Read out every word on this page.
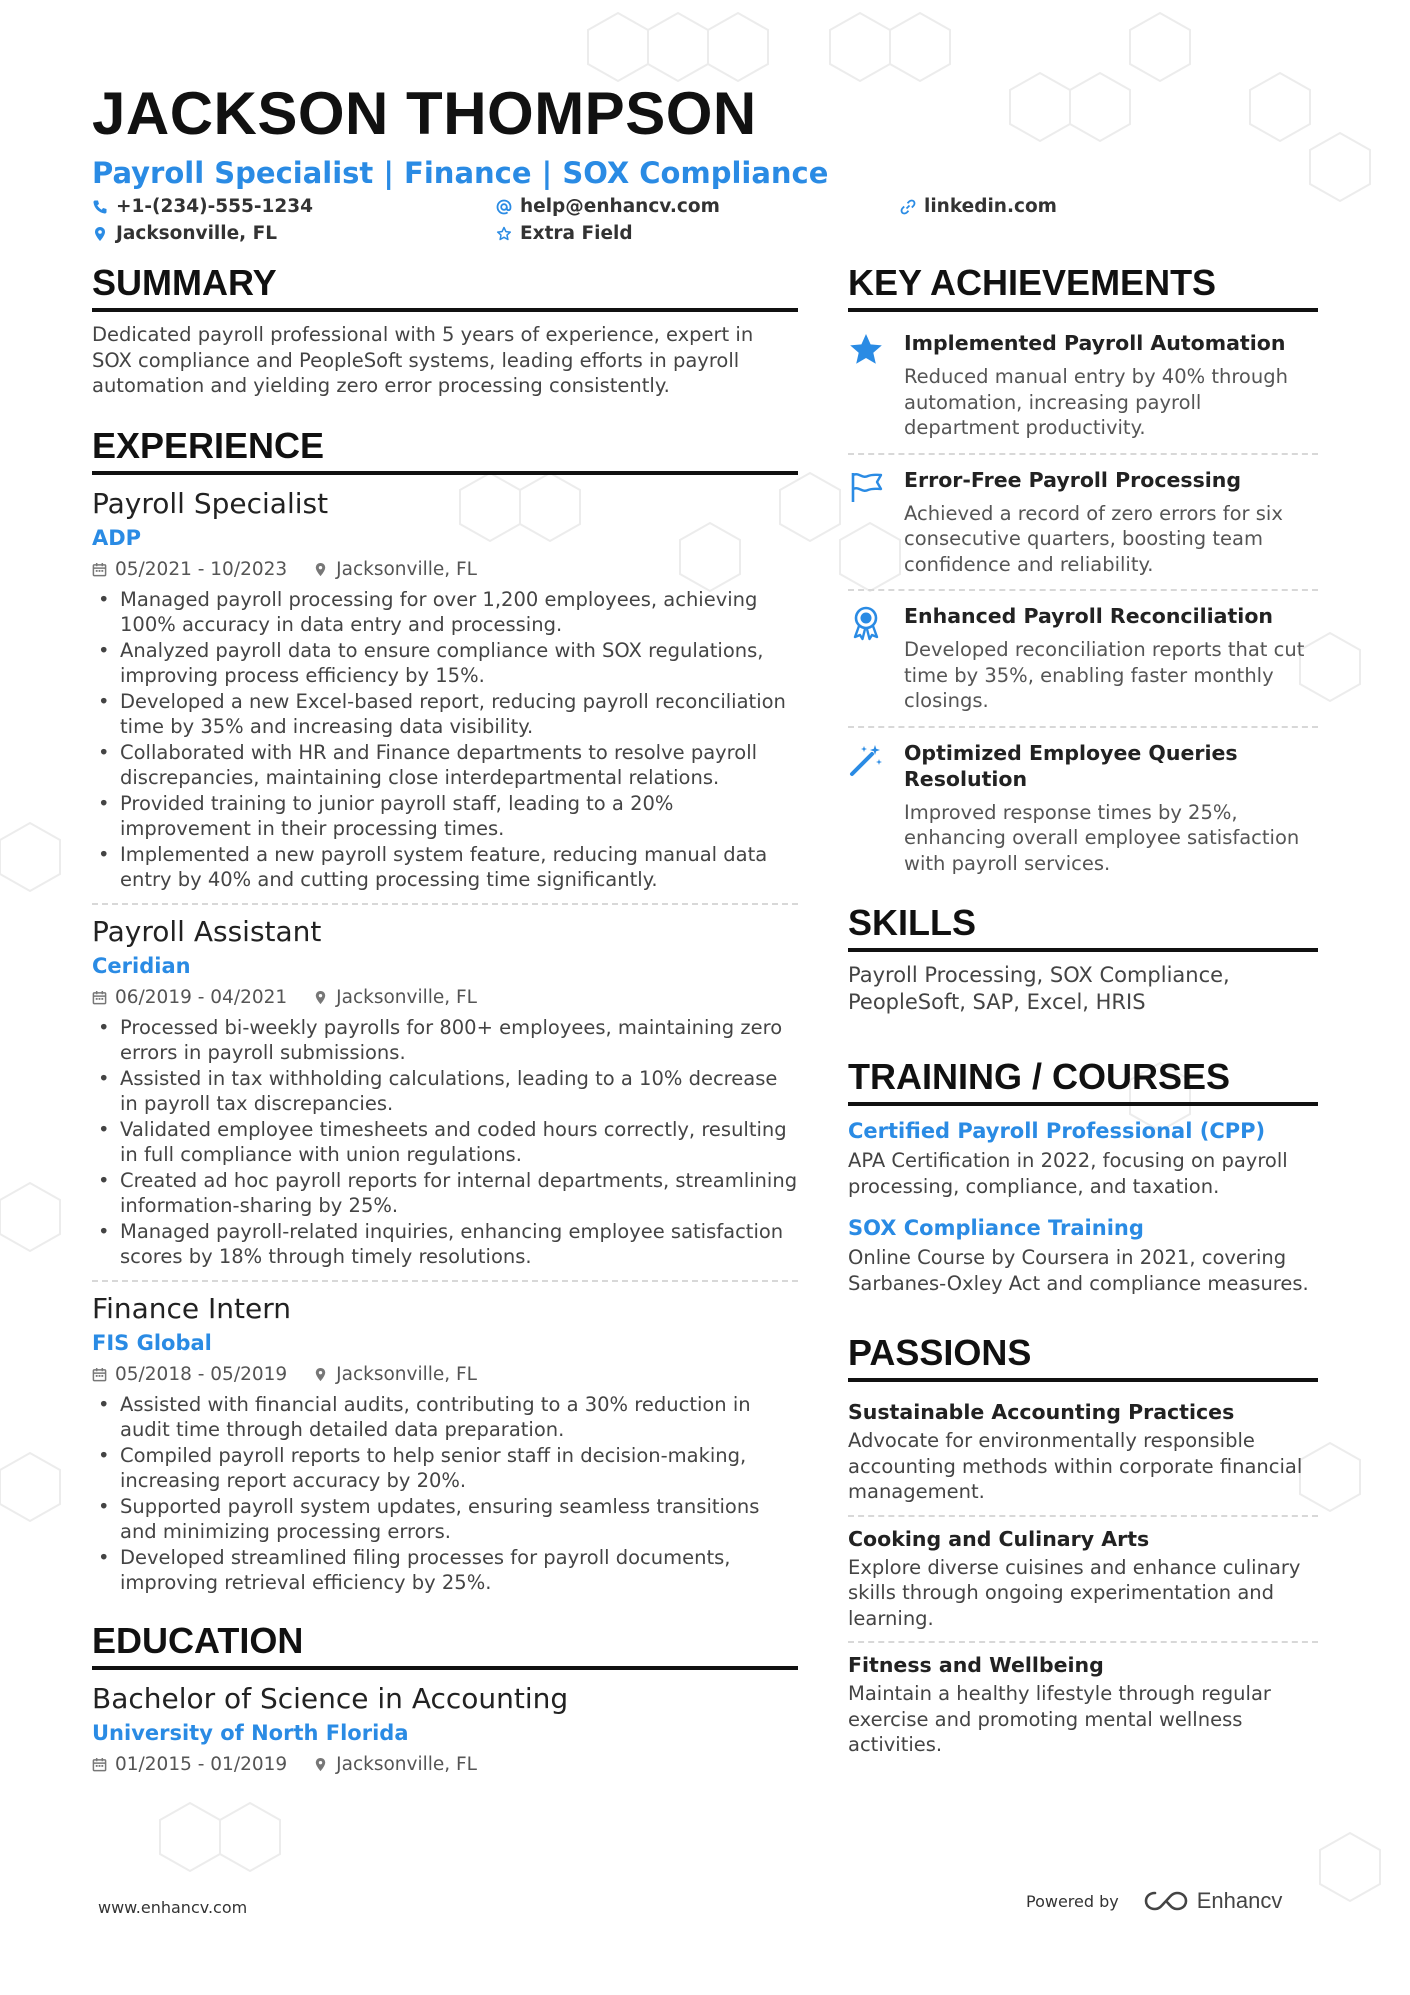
JACKSON THOMPSON
Payroll Specialist | Finance | SOX Compliance
+1-(234)-555-1234	help@enhancv.com	linkedin.com
Jacksonville, FL	Extra Field
SUMMARY
Dedicated payroll professional with 5 years of experience, expert in SOX compliance and PeopleSoft systems, leading efforts in payroll automation and yielding zero error processing consistently.
EXPERIENCE
Payroll Specialist
ADP
05/2021 - 10/2023	Jacksonville, FL
• Managed payroll processing for over 1,200 employees, achieving 100% accuracy in data entry and processing.
• Analyzed payroll data to ensure compliance with SOX regulations, improving process efficiency by 15%.
• Developed a new Excel-based report, reducing payroll reconciliation time by 35% and increasing data visibility.
• Collaborated with HR and Finance departments to resolve payroll discrepancies, maintaining close interdepartmental relations.
• Provided training to junior payroll staff, leading to a 20% improvement in their processing times.
• Implemented a new payroll system feature, reducing manual data entry by 40% and cutting processing time significantly.
Payroll Assistant
Ceridian
06/2019 - 04/2021	Jacksonville, FL
• Processed bi-weekly payrolls for 800+ employees, maintaining zero errors in payroll submissions.
• Assisted in tax withholding calculations, leading to a 10% decrease in payroll tax discrepancies.
• Validated employee timesheets and coded hours correctly, resulting in full compliance with union regulations.
• Created ad hoc payroll reports for internal departments, streamlining information-sharing by 25%.
• Managed payroll-related inquiries, enhancing employee satisfaction scores by 18% through timely resolutions.
Finance Intern
FIS Global
05/2018 - 05/2019	Jacksonville, FL
• Assisted with financial audits, contributing to a 30% reduction in audit time through detailed data preparation.
• Compiled payroll reports to help senior staff in decision-making, increasing report accuracy by 20%.
• Supported payroll system updates, ensuring seamless transitions and minimizing processing errors.
• Developed streamlined filing processes for payroll documents, improving retrieval efficiency by 25%.
EDUCATION
Bachelor of Science in Accounting
University of North Florida
01/2015 - 01/2019	Jacksonville, FL
KEY ACHIEVEMENTS
Implemented Payroll Automation
Reduced manual entry by 40% through automation, increasing payroll department productivity.
Error-Free Payroll Processing
Achieved a record of zero errors for six consecutive quarters, boosting team confidence and reliability.
Enhanced Payroll Reconciliation
Developed reconciliation reports that cut time by 35%, enabling faster monthly closings.
Optimized Employee Queries Resolution
Improved response times by 25%, enhancing overall employee satisfaction with payroll services.
SKILLS
Payroll Processing, SOX Compliance, PeopleSoft, SAP, Excel, HRIS
TRAINING / COURSES
Certified Payroll Professional (CPP)
APA Certification in 2022, focusing on payroll processing, compliance, and taxation.
SOX Compliance Training
Online Course by Coursera in 2021, covering Sarbanes-Oxley Act and compliance measures.
PASSIONS
Sustainable Accounting Practices
Advocate for environmentally responsible accounting methods within corporate financial management.
Cooking and Culinary Arts
Explore diverse cuisines and enhance culinary skills through ongoing experimentation and learning.
Fitness and Wellbeing
Maintain a healthy lifestyle through regular exercise and promoting mental wellness activities.
www.enhancv.com	Powered by	Enhancv
